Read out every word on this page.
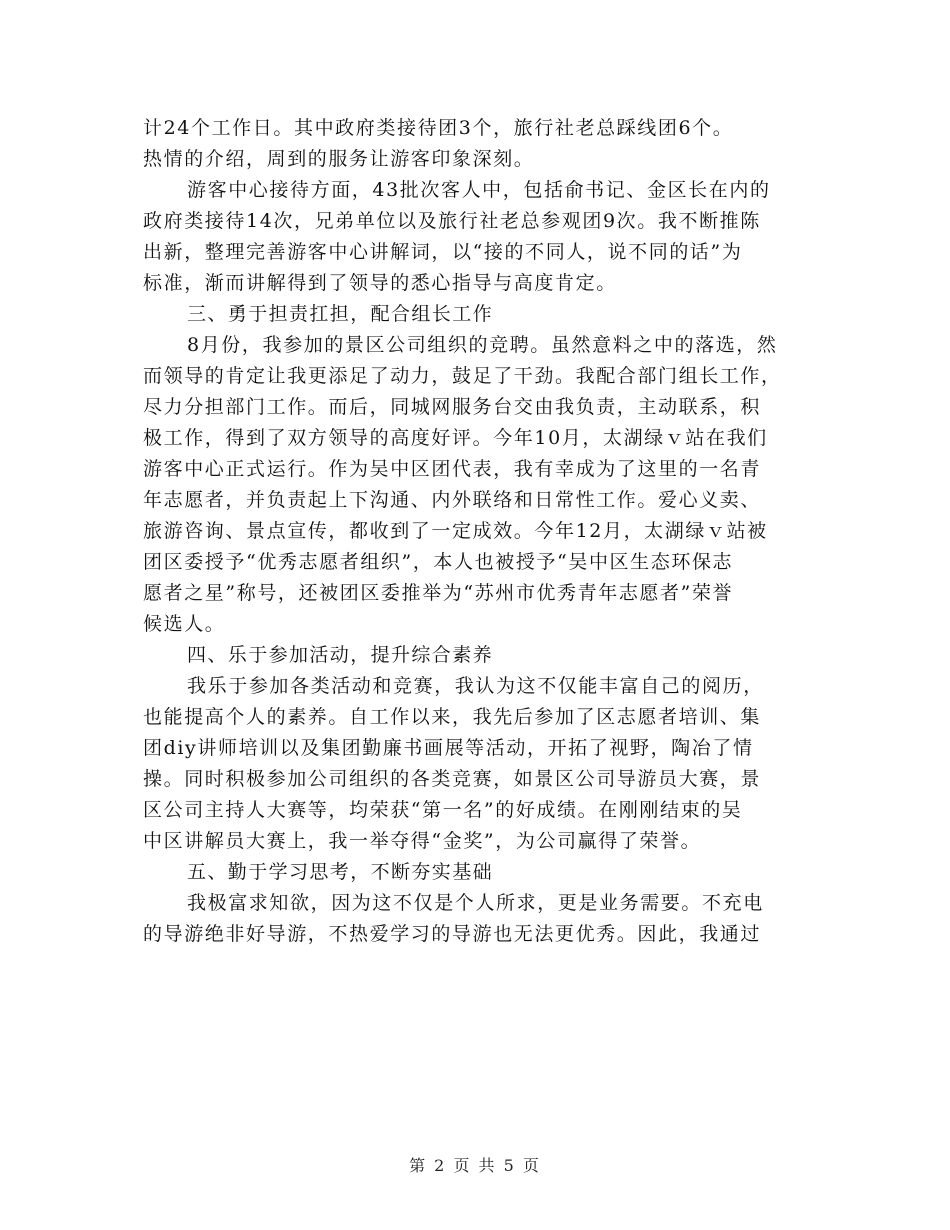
计24个工作日。其中政府类接待团3个，旅行社老总踩线团6个。
热情的介绍，周到的服务让游客印象深刻。
游客中心接待方面，43批次客人中，包括俞书记、金区长在内的
政府类接待14次，兄弟单位以及旅行社老总参观团9次。我不断推陈
出新，整理完善游客中心讲解词，以“接的不同人，说不同的话”为
标准，渐而讲解得到了领导的悉心指导与高度肯定。
三、勇于担责扛担，配合组长工作
8月份，我参加的景区公司组织的竞聘。虽然意料之中的落选，然
而领导的肯定让我更添足了动力，鼓足了干劲。我配合部门组长工作，
尽力分担部门工作。而后，同城网服务台交由我负责，主动联系，积
极工作，得到了双方领导的高度好评。今年10月，太湖绿ｖ站在我们
游客中心正式运行。作为吴中区团代表，我有幸成为了这里的一名青
年志愿者，并负责起上下沟通、内外联络和日常性工作。爱心义卖、
旅游咨询、景点宣传，都收到了一定成效。今年12月，太湖绿ｖ站被
团区委授予“优秀志愿者组织”，本人也被授予“吴中区生态环保志
愿者之星”称号，还被团区委推举为“苏州市优秀青年志愿者”荣誉
候选人。
四、乐于参加活动，提升综合素养
我乐于参加各类活动和竞赛，我认为这不仅能丰富自己的阅历，
也能提高个人的素养。自工作以来，我先后参加了区志愿者培训、集
团diy讲师培训以及集团勤廉书画展等活动，开拓了视野，陶冶了情
操。同时积极参加公司组织的各类竞赛，如景区公司导游员大赛，景
区公司主持人大赛等，均荣获“第一名”的好成绩。在刚刚结束的吴
中区讲解员大赛上，我一举夺得“金奖”，为公司赢得了荣誉。
五、勤于学习思考，不断夯实基础
我极富求知欲，因为这不仅是个人所求，更是业务需要。不充电
的导游绝非好导游，不热爱学习的导游也无法更优秀。因此，我通过
第 2 页 共 5 页
